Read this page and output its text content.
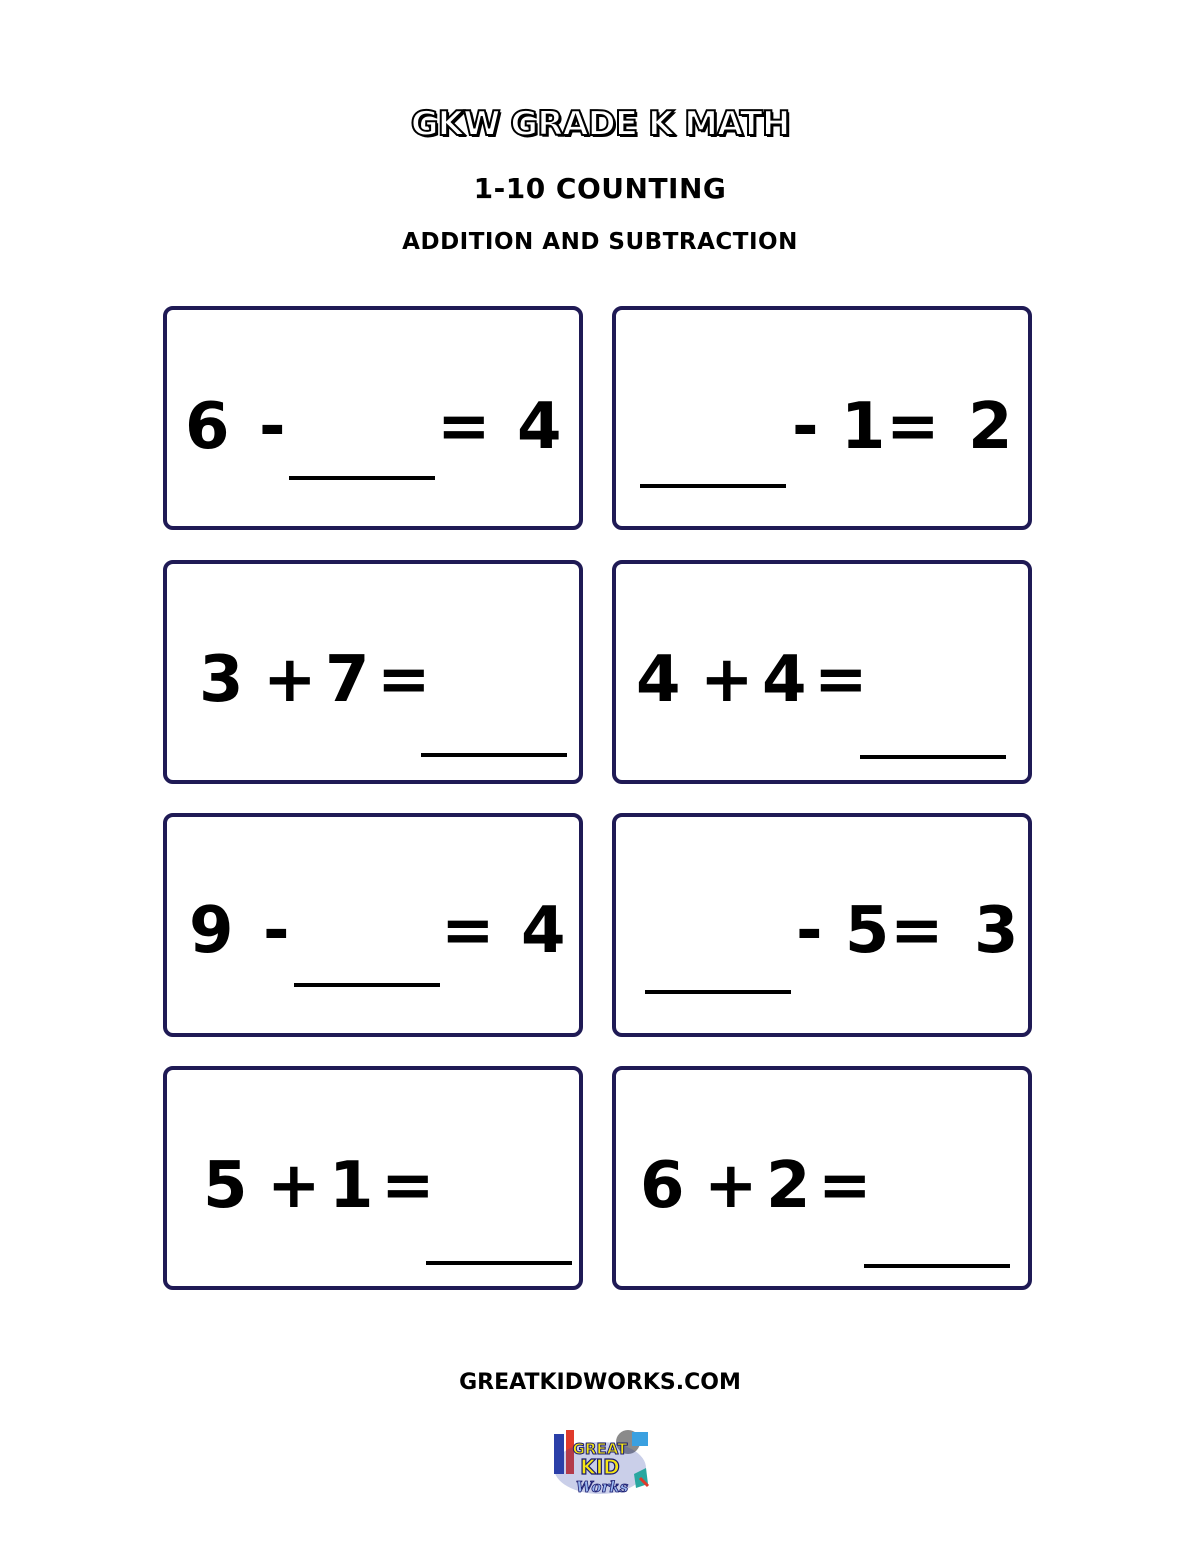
GKW GRADE K MATH
1-10 COUNTING
ADDITION AND SUBTRACTION
6 - = 4	- 1 = 2
3 + 7 =	4 + 4 =
9 - = 4	- 5 = 3
5 + 1 =	6 + 2 =
GREATKIDWORKS.COM
GREAT
KID
Works
